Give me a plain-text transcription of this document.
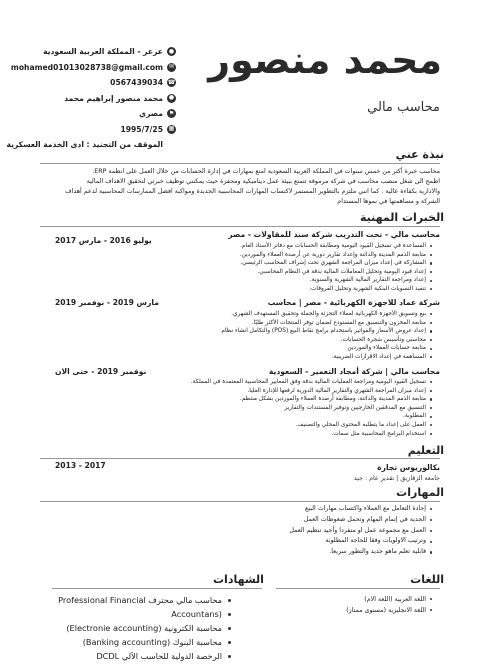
محمد منصور
محاسب مالي
●
عرعر - المملكة العربية السعودية
✉
mohamed01013028738@gmail.com
☎
0567439034
●
محمد منصور إبراهيم محمد
⚑
مصري
▦
1995/7/25
الموقف من التجنيد : ادى الخدمة العسكرية
نبذة عني
محاسب خبرة أكثر من خمس سنوات في المملكة العربية السعودية امتع بمهارات في إدارة الحسابات من خلال العمل على انظمة ERP.
اطمح الى شغل منصب محاسب في شركة مرموقة تتمتع ببيئة عمل ديناميكية ومحفزة حيث يمكنني توظيف خبرتي لتحقيق الاهداف المالية
والادارية بكفاءة عالية . كما انني ملتزم بالتطوير المستمر لاكتساب المهارات المحاسبية الجديدة ومواكبة افضل الممارسات المحاسبية لدعم أهداف
الشركة و مساهمتها في نموها المستدام
الخبرات المهنية
محاسب مالي - تحت التدريب شركة سند للمقاولات - مصر
يوليو 2016 - مارس 2017
المساعدة في تسجيل القيود اليومية ومطابقة الحسابات مع دفاتر الأستاذ العام.
متابعة الذمم المدينة والدائنة وإعداد تقارير دورية عن أرصدة العملاء والموردين.
المشاركة في إعداد ميزان المراجعة الشهري تحت إشراف المحاسب الرئيسي.
إعداد قيود اليومية وتحليل المعاملات المالية بدقة في النظام المحاسبي.
إعداد ومراجعة التقارير المالية الشهرية والسنوية.
تنفيذ التسويات البنكية الشهرية وتحليل الفروقات.
شركة عماد للاجهزة الكهربائية - مصر | محاسب
مارس 2019 - نوفمبر 2019
بيع وتسويق الأجهزة الكهربائية لعملاء التجزئة والجملة وتحقيق المستهدف الشهري.
متابعة المخزون والتنسيق مع المستودع لضمان توفر المنتجات الأكثر طلبًا.
إعداد عروض الأسعار والفواتير باستخدام برامج نقاط البيع (POS) والتكامل انشاء نظام
محاسبي وتأسيس شجرة الحسابات.
متابعة حسابات العملاء والموردين
المساهمة في إعداد الاقرارات الضريبية.
محاسب مالي | شركة أمجاد التعمير - السعودية
نوفمبر 2019 - حتى الان
تسجيل القيود اليومية ومراجعة العمليات المالية بدقة وفق المعايير المحاسبية المعتمدة في المملكة.
إعداد ميزان المراجعة الشهري والتقارير المالية الدورية لرفعها للإدارة العليا.
متابعة الذمم المدينة والدائنة، ومطابقة أرصدة العملاء والموردين بشكل منتظم.
التنسيق مع المدققين الخارجيين وتوفير المستندات والتقارير
المطلوبة.
العمل على إعداد ما يتطلبه المحتوى المحلي والتصنيف.
استخدام البرامج المحاسبية مثل سمات.
التعليم
بكالوريوس تجارة
2013 - 2017
جامعة الزقازيق | تقدير عام : جيد
المهارات
إجادة التعامل مع العملاء واكتساب مهارات البيع
الجدية في إتمام المهام وتحمل ضغوطات العمل
العمل مع مجموعة عمل او منفردا وأجيد تنظيم العمل
وترتيب الاولويات وفقا للحاجة المطلوبة
قابلية تعلم ماهو جديد والتطور سريعا.
اللغات
اللغة العربية (اللغة الام)
اللغة الانجليزية (مستوى ممتاز)
الشهادات
محاسب مالي محترف Professional Financial
(Accountans
محاسبة الكترونية (Electronie accounting)
محاسبة البنوك (Banking accounting)
الرخصة الدولية للحاسب الآلي DCDL
